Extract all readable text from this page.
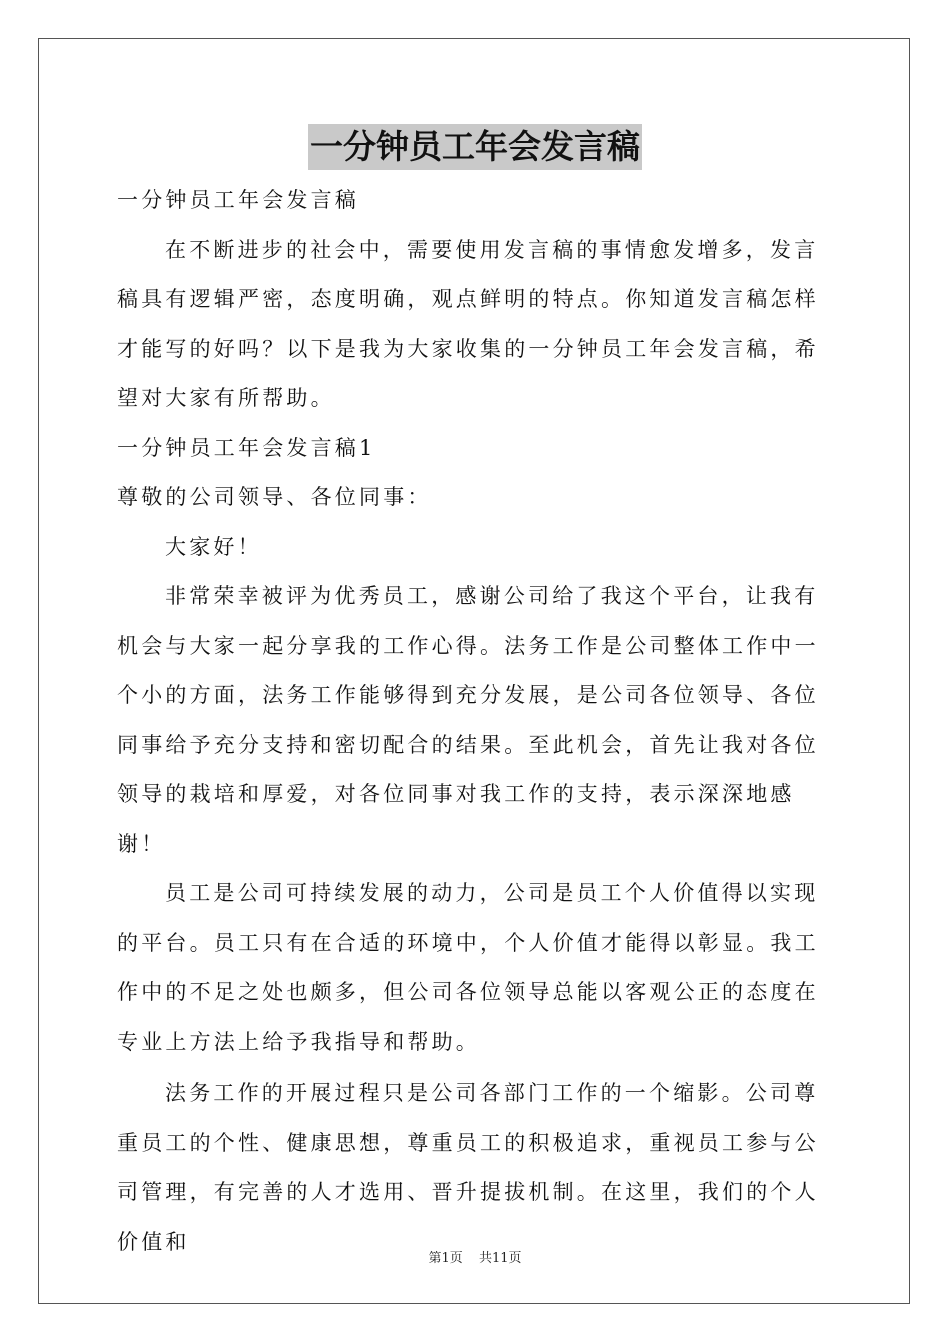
一分钟员工年会发言稿

一分钟员工年会发言稿

在不断进步的社会中，需要使用发言稿的事情愈发增多，发言稿具有逻辑严密，态度明确，观点鲜明的特点。你知道发言稿怎样才能写的好吗？以下是我为大家收集的一分钟员工年会发言稿，希望对大家有所帮助。

一分钟员工年会发言稿1

尊敬的公司领导、各位同事：

大家好！

非常荣幸被评为优秀员工，感谢公司给了我这个平台，让我有机会与大家一起分享我的工作心得。法务工作是公司整体工作中一个小的方面，法务工作能够得到充分发展，是公司各位领导、各位同事给予充分支持和密切配合的结果。至此机会，首先让我对各位领导的栽培和厚爱，对各位同事对我工作的支持，表示深深地感谢！

员工是公司可持续发展的动力，公司是员工个人价值得以实现的平台。员工只有在合适的环境中，个人价值才能得以彰显。我工作中的不足之处也颇多，但公司各位领导总能以客观公正的态度在专业上方法上给予我指导和帮助。

法务工作的开展过程只是公司各部门工作的一个缩影。公司尊重员工的个性、健康思想，尊重员工的积极追求，重视员工参与公司管理，有完善的人才选用、晋升提拔机制。在这里，我们的个人价值和

第1页 共11页
